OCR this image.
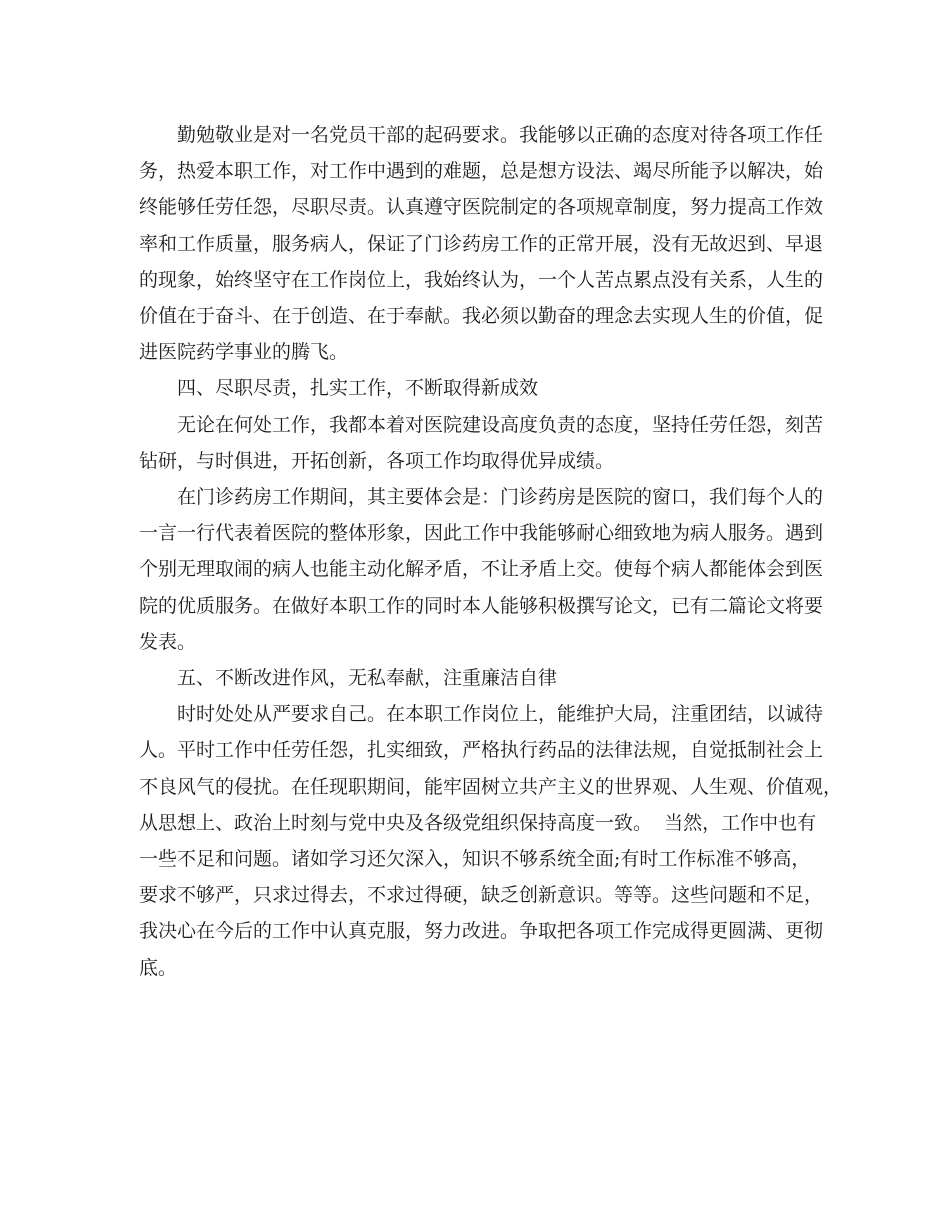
　　勤勉敬业是对一名党员干部的起码要求。我能够以正确的态度对待各项工作任

务，热爱本职工作，对工作中遇到的难题，总是想方设法、竭尽所能予以解决，始

终能够任劳任怨，尽职尽责。认真遵守医院制定的各项规章制度，努力提高工作效

率和工作质量，服务病人，保证了门诊药房工作的正常开展，没有无故迟到、早退

的现象，始终坚守在工作岗位上，我始终认为，一个人苦点累点没有关系，人生的

价值在于奋斗、在于创造、在于奉献。我必须以勤奋的理念去实现人生的价值，促

进医院药学事业的腾飞。

　　四、尽职尽责，扎实工作，不断取得新成效

　　无论在何处工作，我都本着对医院建设高度负责的态度，坚持任劳任怨，刻苦

钻研，与时俱进，开拓创新，各项工作均取得优异成绩。

　　在门诊药房工作期间，其主要体会是：门诊药房是医院的窗口，我们每个人的

一言一行代表着医院的整体形象，因此工作中我能够耐心细致地为病人服务。遇到

个别无理取闹的病人也能主动化解矛盾，不让矛盾上交。使每个病人都能体会到医

院的优质服务。在做好本职工作的同时本人能够积极撰写论文，已有二篇论文将要

发表。

　　五、不断改进作风，无私奉献，注重廉洁自律

　　时时处处从严要求自己。在本职工作岗位上，能维护大局，注重团结，以诚待

人。平时工作中任劳任怨，扎实细致，严格执行药品的法律法规，自觉抵制社会上

不良风气的侵扰。在任现职期间，能牢固树立共产主义的世界观、人生观、价值观，

从思想上、政治上时刻与党中央及各级党组织保持高度一致。  当然，工作中也有

一些不足和问题。诸如学习还欠深入，知识不够系统全面;有时工作标准不够高，

要求不够严，只求过得去，不求过得硬，缺乏创新意识。等等。这些问题和不足，

我决心在今后的工作中认真克服，努力改进。争取把各项工作完成得更圆满、更彻

底。
